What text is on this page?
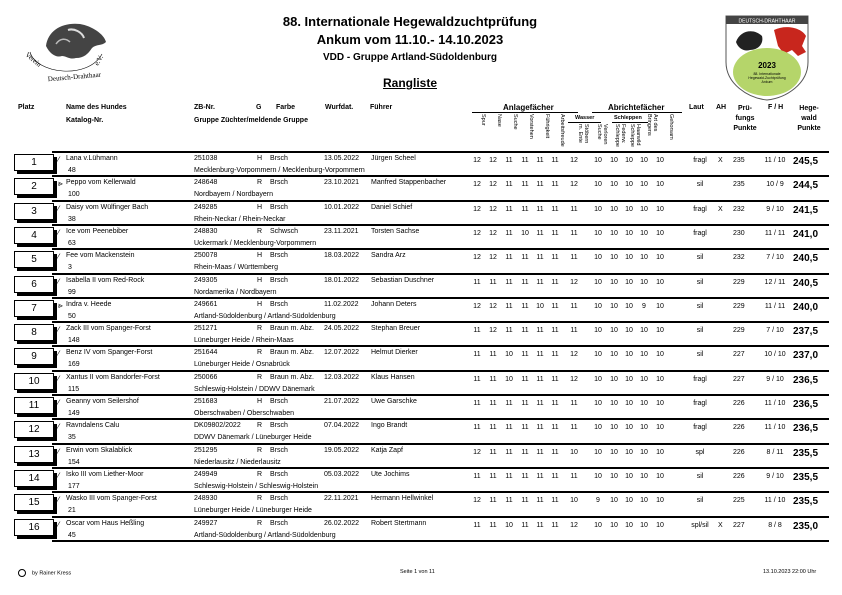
Verein
Deutsch-Drahthaar
e.V.
DEUTSCH-DRAHTHAAR
2023
88. Internationale
Hegewald-Zuchtprüfung
Ankum
88. Internationale Hegewaldzuchtprüfung
Ankum vom 11.10.- 14.10.2023
VDD - Gruppe Artland-Südoldenburg
Rangliste
Platz	Name des Hundes
Katalog-Nr.
ZB-Nr.	G Farbe	Wurfdat. Führer
Gruppe Züchter/meldende Gruppe
Anlagefächer	Abrichtefächer
Wasser	Schleppen
Spur Nase Suche Vorstehen Führigkeit Arbeitsfreude	Stöbern m. Ente	Verloren Suche	Federw. Schleppe	Haarwild Schleppe
Art des Bringens	Gehorsam
Laut AH	Prü-
fungs
Punkte
F / H	Hege-
wald
Punkte
1	∕ Lana v.Lühmann
48
251038	H Brsch	13.05.2022 Jürgen Scheel
Mecklenburg-Vorpommern / Mecklenburg-Vorpommern
12	12	11	11	11	11	12	10	10	10	10	10	fragl	X 235	11 / 10 245,5
2	⪢ Peppo vom Kellerwald
100
248648	R Brsch	23.10.2021 Manfred Stappenbacher
Nordbayern / Nordbayern
12	12	11	11	11	11	12	10	10	10	10	10	sil	235	10 / 9 244,5
3	∕ Daisy vom Wülfinger Bach
38
249285	H Brsch	10.01.2022 Daniel Schief
Rhein-Neckar / Rhein-Neckar
12	12	11	11	11	11	11	10	10	10	10	10	fragl	X 232	9 / 10 241,5
4	∕ Ice vom Peenebiber
63
248830	R Schwsch	23.11.2021 Torsten Sachse
Uckermark / Mecklenburg-Vorpommern
12	12	11	10	11	11	11	10	10	10	10	10	fragl	230	11 / 11 241,0
5	∕ Fee vom Mackenstein
3
250078	H Brsch	18.03.2022 Sandra Arz
Rhein-Maas / Württemberg
12	12	11	11	11	11	11	10	10	10	10	10	sil	232	7 / 10 240,5
6	∕ Isabella II vom Red-Rock
99
249305	H Brsch	18.01.2022 Sebastian Duschner
Nordamerika / Nordbayern
11	11	11	11	11	11	12	10	10	10	10	10	sil	229	12 / 11 240,5
7	⪢ Indra v. Heede
50
249661	H Brsch	11.02.2022 Johann Deters
Artland-Südoldenburg / Artland-Südoldenburg
12	12	11	11	10	11	11	10	10	10	9	10	sil	229	11 / 11 240,0
8	∕ Zack III vom Spanger-Forst
148
251271	R Braun m. Abz. 24.05.2022 Stephan Breuer
Lüneburger Heide / Rhein-Maas
11	12	11	11	11	11	11	10	10	10	10	10	sil	229	7 / 10 237,5
9	∕ Benz IV vom Spanger-Forst
169
251644	R Braun m. Abz. 12.07.2022 Helmut Dierker
Lüneburger Heide / Osnabrück
11	11	10	11	11	11	12	10	10	10	10	10	sil	227	10 / 10 237,0
10	∕ Xantus II vom Bandorfer-Forst
115
250066	R Braun m. Abz. 12.03.2022 Klaus Hansen
Schleswig-Holstein / DDWV Dänemark
11	11	10	11	11	11	12	10	10	10	10	10	fragl	227	9 / 10 236,5
11	∕ Geanny vom Seilershof
149
251683	H Brsch	21.07.2022 Uwe Garschke
Oberschwaben / Oberschwaben
11	11	11	11	11	11	11	10	10	10	10	10	fragl	226	11 / 10 236,5
12	∕ Ravndalens Calu
35
DK09802/2022 R Brsch	07.04.2022 Ingo Brandt
DDWV Dänemark / Lüneburger Heide
11	11	11	11	11	11	11	10	10	10	10	10	fragl	226	11 / 10 236,5
13	∕ Erwin vom Skalablick
154
251295	R Brsch	19.05.2022 Katja Zapf
Niederlausitz / Niederlausitz
12	11	11	11	11	11	10	10	10	10	10	10	spl	226	8 / 11 235,5
14	∕ Isko III vom Liether-Moor
177
249949	R Brsch	05.03.2022 Ute Jochims
Schleswig-Holstein / Schleswig-Holstein
11	11	11	11	11	11	11	10	10	10	10	10	sil	226	9 / 10 235,5
15	∕ Wasko III vom Spanger-Forst
21
248930	R Brsch	22.11.2021 Hermann Hellwinkel
Lüneburger Heide / Lüneburger Heide
12	11	11	11	11	11	10	9	10	10	10	10	sil	225	11 / 10 235,5
16	∕ Oscar vom Haus Heßling
45
249927	R Brsch	26.02.2022 Robert Stertmann
Artland-Südoldenburg / Artland-Südoldenburg
11	11	10	11	11	11	12	10	10	10	10	10	spl/sil	X 227	8 / 8	235,0
by Rainer Kress	Seite 1 von 11	13.10.2023 22:00 Uhr
